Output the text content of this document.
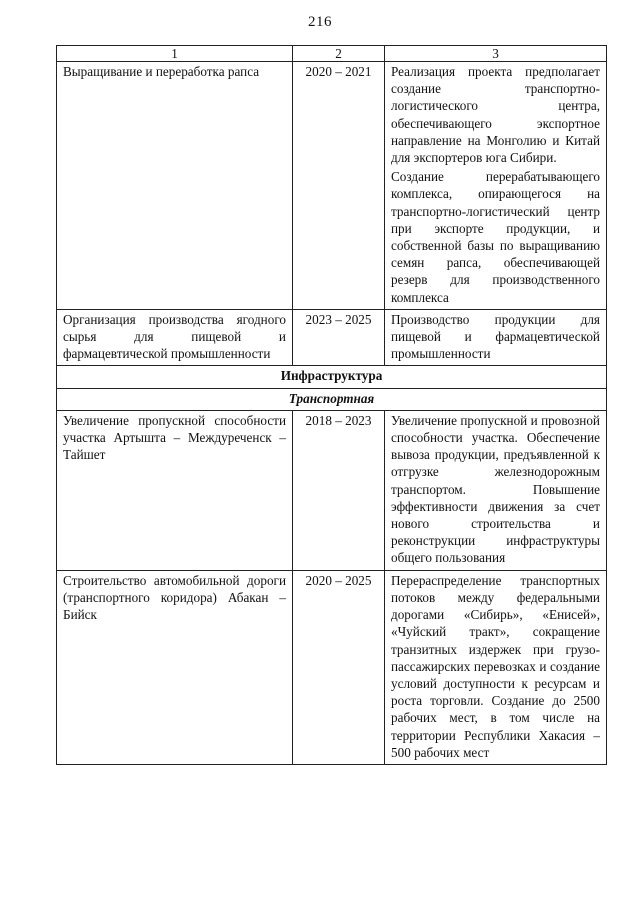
216
1	2	3
Выращивание и переработка рапса	2020 – 2021	Реализация проекта предполагает создание транспортно-логистического центра, обеспечивающего экспортное направление на Монголию и Китай для экспортеров юга Сибири.
Создание перерабатывающего комплекса, опирающегося на транспортно-логистический центр при экспорте продукции, и собственной базы по выращиванию семян рапса, обеспечивающей резерв для производственного комплекса

Организация производства ягодного сырья для пищевой и фармацевтической промышленности	2023 – 2025	Производство продукции для пищевой и фармацевтической промышленности

Инфраструктура		
Транспортная		
Увеличение пропускной способности участка Артышта – Междуреченск – Тайшет	2018 – 2023	Увеличение пропускной и провозной способности участка. Обеспечение вывоза продукции, предъявленной к отгрузке железнодорожным транспортом. Повышение эффективности движения за счет нового строительства и реконструкции инфраструктуры общего пользования

Строительство автомобильной дороги (транспортного коридора) Абакан – Бийск	2020 – 2025	Перераспределение транспортных потоков между федеральными дорогами «Сибирь», «Енисей», «Чуйский тракт», сокращение транзитных издержек при грузо-пассажирских перевозках и создание условий доступности к ресурсам и роста торговли. Создание до 2500 рабочих мест, в том числе на территории Республики Хакасия – 500 рабочих мест
